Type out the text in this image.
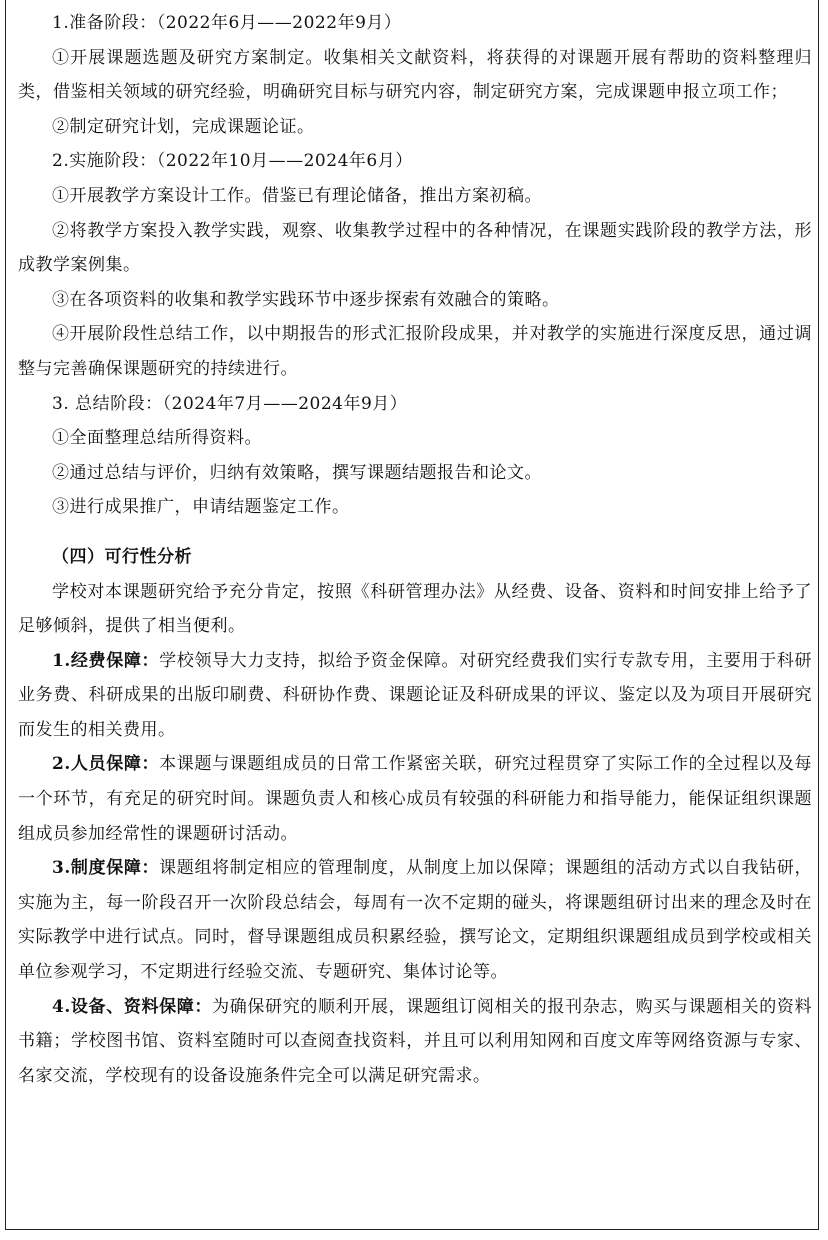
1.准备阶段：（2022年6月——2022年9月）

①开展课题选题及研究方案制定。收集相关文献资料，将获得的对课题开展有帮助的资料整理归类，借鉴相关领域的研究经验，明确研究目标与研究内容，制定研究方案，完成课题申报立项工作；

②制定研究计划，完成课题论证。

2.实施阶段：（2022年10月——2024年6月）

①开展教学方案设计工作。借鉴已有理论储备，推出方案初稿。

②将教学方案投入教学实践，观察、收集教学过程中的各种情况，在课题实践阶段的教学方法，形成教学案例集。

③在各项资料的收集和教学实践环节中逐步探索有效融合的策略。

④开展阶段性总结工作，以中期报告的形式汇报阶段成果，并对教学的实施进行深度反思，通过调整与完善确保课题研究的持续进行。

3. 总结阶段：（2024年7月——2024年9月）

①全面整理总结所得资料。

②通过总结与评价，归纳有效策略，撰写课题结题报告和论文。

③进行成果推广，申请结题鉴定工作。

（四）可行性分析

学校对本课题研究给予充分肯定，按照《科研管理办法》从经费、设备、资料和时间安排上给予了足够倾斜，提供了相当便利。

1.经费保障：学校领导大力支持，拟给予资金保障。对研究经费我们实行专款专用，主要用于科研业务费、科研成果的出版印刷费、科研协作费、课题论证及科研成果的评议、鉴定以及为项目开展研究而发生的相关费用。

2.人员保障：本课题与课题组成员的日常工作紧密关联，研究过程贯穿了实际工作的全过程以及每一个环节，有充足的研究时间。课题负责人和核心成员有较强的科研能力和指导能力，能保证组织课题组成员参加经常性的课题研讨活动。

3.制度保障：课题组将制定相应的管理制度，从制度上加以保障；课题组的活动方式以自我钻研，实施为主，每一阶段召开一次阶段总结会，每周有一次不定期的碰头，将课题组研讨出来的理念及时在实际教学中进行试点。同时，督导课题组成员积累经验，撰写论文，定期组织课题组成员到学校或相关单位参观学习，不定期进行经验交流、专题研究、集体讨论等。

4.设备、资料保障：为确保研究的顺利开展，课题组订阅相关的报刊杂志，购买与课题相关的资料书籍；学校图书馆、资料室随时可以查阅查找资料，并且可以利用知网和百度文库等网络资源与专家、名家交流，学校现有的设备设施条件完全可以满足研究需求。
